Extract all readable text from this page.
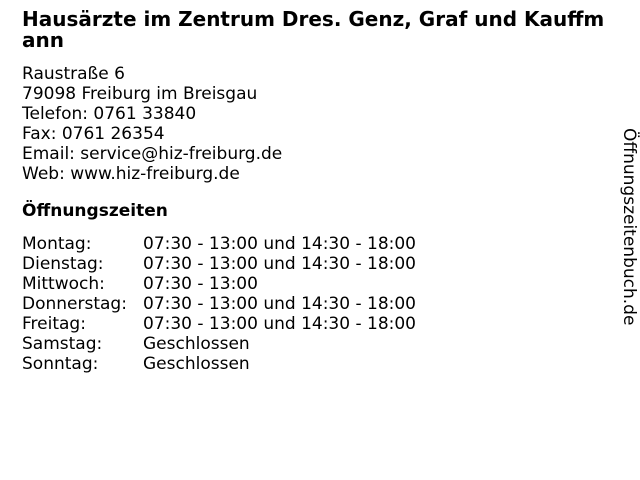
Hausärzte im Zentrum Dres. Genz, Graf und Kauffmann
Raustraße 6
79098 Freiburg im Breisgau
Telefon: 0761 33840
Fax: 0761 26354
Email: service@hiz-freiburg.de
Web: www.hiz-freiburg.de
Öffnungszeiten
Montag:	07:30 - 13:00 und 14:30 - 18:00
Dienstag:	07:30 - 13:00 und 14:30 - 18:00
Mittwoch:	07:30 - 13:00
Donnerstag: 07:30 - 13:00 und 14:30 - 18:00
Freitag:	07:30 - 13:00 und 14:30 - 18:00
Samstag:	Geschlossen
Sonntag:	Geschlossen
Öffnungszeitenbuch.de
